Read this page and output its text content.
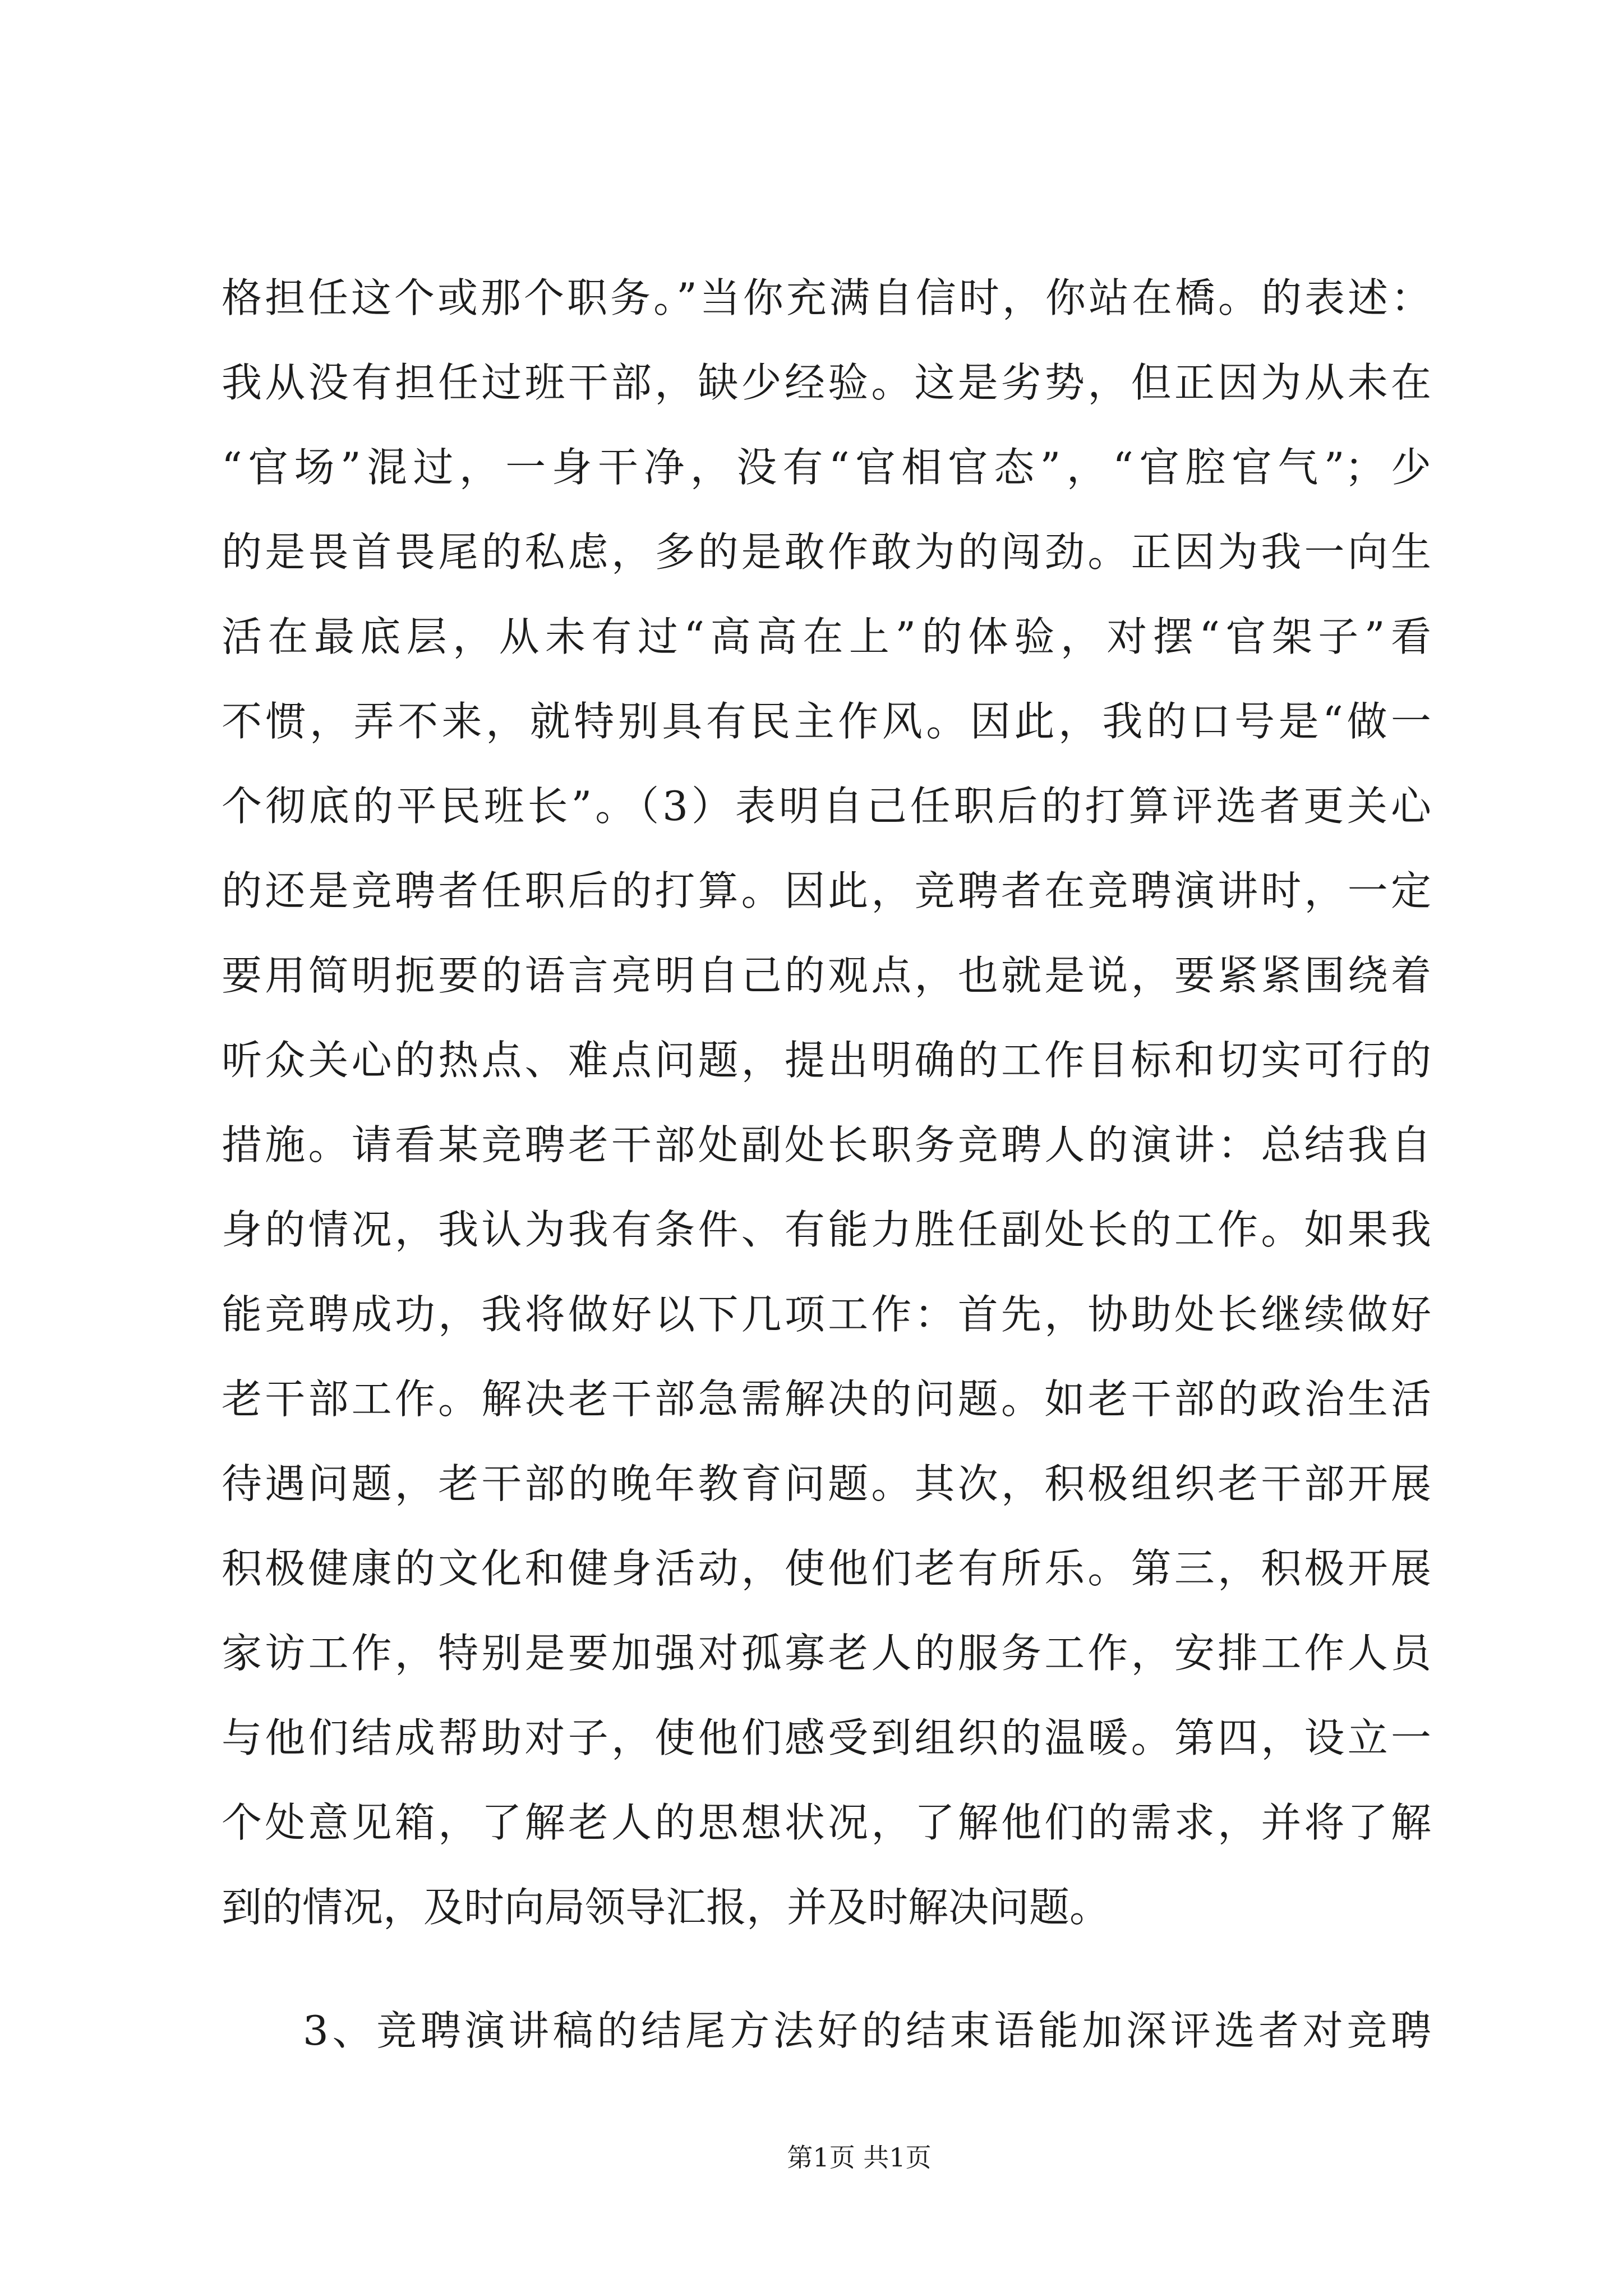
格担任这个或那个职务。”当你充满自信时，你站在橋。的表述：
我从没有担任过班干部，缺少经验。这是劣势，但正因为从未在
“官场”混过，一身干净，没有“官相官态”，“官腔官气”；少
的是畏首畏尾的私虑，多的是敢作敢为的闯劲。正因为我一向生
活在最底层，从未有过“高高在上”的体验，对摆“官架子”看
不惯，弄不来，就特别具有民主作风。因此，我的口号是“做一
个彻底的平民班长”。（3）表明自己任职后的打算评选者更关心
的还是竞聘者任职后的打算。因此，竞聘者在竞聘演讲时，一定
要用简明扼要的语言亮明自己的观点，也就是说，要紧紧围绕着
听众关心的热点、难点问题，提出明确的工作目标和切实可行的
措施。请看某竞聘老干部处副处长职务竞聘人的演讲：总结我自
身的情况，我认为我有条件、有能力胜任副处长的工作。如果我
能竞聘成功，我将做好以下几项工作：首先，协助处长继续做好
老干部工作。解决老干部急需解决的问题。如老干部的政治生活
待遇问题，老干部的晚年教育问题。其次，积极组织老干部开展
积极健康的文化和健身活动，使他们老有所乐。第三，积极开展
家访工作，特别是要加强对孤寡老人的服务工作，安排工作人员
与他们结成帮助对子，使他们感受到组织的温暖。第四，设立一
个处意见箱，了解老人的思想状况，了解他们的需求，并将了解
到的情况，及时向局领导汇报，并及时解决问题。
3、竞聘演讲稿的结尾方法好的结束语能加深评选者对竞聘
第1页 共1页
